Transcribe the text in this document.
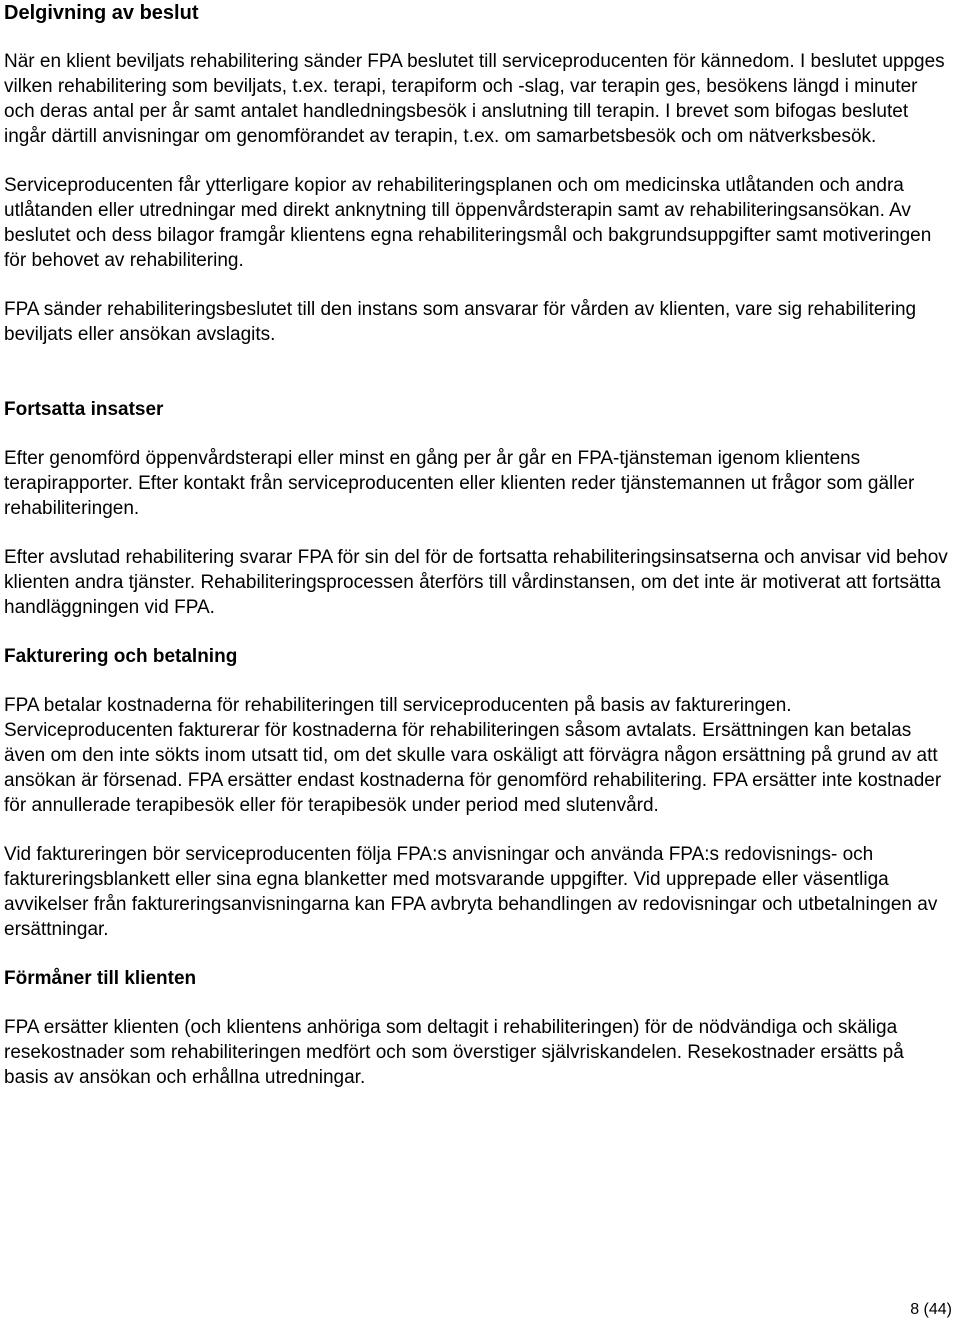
Delgivning av beslut

När en klient beviljats rehabilitering sänder FPA beslutet till serviceproducenten för kännedom. I beslutet uppges vilken rehabilitering som beviljats, t.ex. terapi, terapiform och -slag, var terapin ges, besökens längd i minuter och deras antal per år samt antalet handledningsbesök i anslutning till terapin. I brevet som bifogas beslutet ingår därtill anvisningar om genomförandet av terapin, t.ex. om samarbetsbesök och om nätverksbesök.

Serviceproducenten får ytterligare kopior av rehabiliteringsplanen och om medicinska utlåtanden och andra utlåtanden eller utredningar med direkt anknytning till öppenvårdsterapin samt av rehabiliteringsansökan. Av beslutet och dess bilagor framgår klientens egna rehabiliteringsmål och bakgrundsuppgifter samt motiveringen för behovet av rehabilitering.

FPA sänder rehabiliteringsbeslutet till den instans som ansvarar för vården av klienten, vare sig rehabilitering beviljats eller ansökan avslagits.

Fortsatta insatser

Efter genomförd öppenvårdsterapi eller minst en gång per år går en FPA-tjänsteman igenom klientens terapirapporter. Efter kontakt från serviceproducenten eller klienten reder tjänstemannen ut frågor som gäller rehabiliteringen.

Efter avslutad rehabilitering svarar FPA för sin del för de fortsatta rehabiliteringsinsatserna och anvisar vid behov klienten andra tjänster. Rehabiliteringsprocessen återförs till vårdinstansen, om det inte är motiverat att fortsätta handläggningen vid FPA.

Fakturering och betalning

FPA betalar kostnaderna för rehabiliteringen till serviceproducenten på basis av faktureringen. Serviceproducenten fakturerar för kostnaderna för rehabiliteringen såsom avtalats. Ersättningen kan betalas även om den inte sökts inom utsatt tid, om det skulle vara oskäligt att förvägra någon ersättning på grund av att ansökan är försenad. FPA ersätter endast kostnaderna för genomförd rehabilitering. FPA ersätter inte kostnader för annullerade terapibesök eller för terapibesök under period med slutenvård.

Vid faktureringen bör serviceproducenten följa FPA:s anvisningar och använda FPA:s redovisnings- och faktureringsblankett eller sina egna blanketter med motsvarande uppgifter. Vid upprepade eller väsentliga avvikelser från faktureringsanvisningarna kan FPA avbryta behandlingen av redovisningar och utbetalningen av ersättningar.

Förmåner till klienten

FPA ersätter klienten (och klientens anhöriga som deltagit i rehabiliteringen) för de nödvändiga och skäliga resekostnader som rehabiliteringen medfört och som överstiger självriskandelen. Resekostnader ersätts på basis av ansökan och erhållna utredningar.

8 (44)
